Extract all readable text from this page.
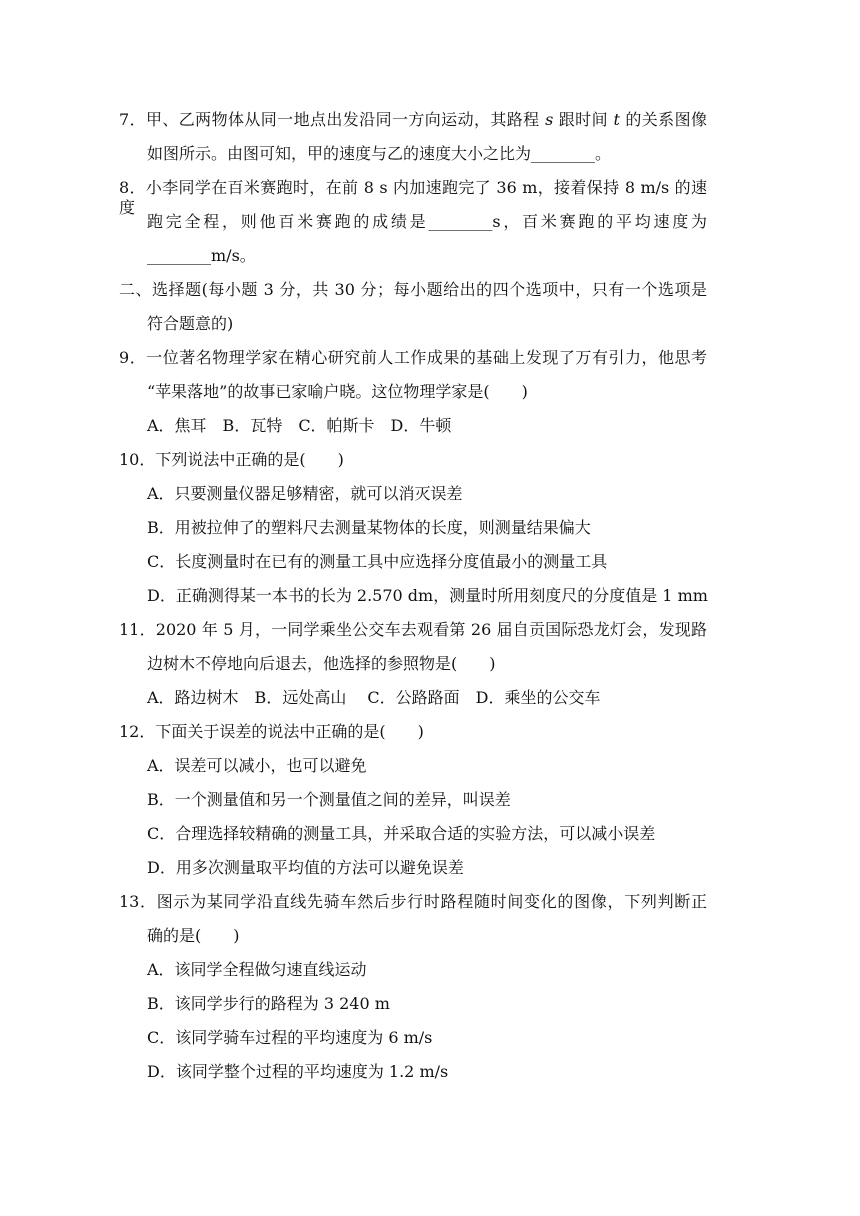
7．甲、乙两物体从同一地点出发沿同一方向运动，其路程 s 跟时间 t 的关系图像
如图所示。由图可知，甲的速度与乙的速度大小之比为________。
8．小李同学在百米赛跑时，在前 8 s 内加速跑完了 36 m，接着保持 8 m/s 的速度
跑完全程，则他百米赛跑的成绩是________s，百米赛跑的平均速度为
________m/s。
二、选择题(每小题 3 分，共 30 分；每小题给出的四个选项中，只有一个选项是
符合题意的)
9．一位著名物理学家在精心研究前人工作成果的基础上发现了万有引力，他思考
“苹果落地”的故事已家喻户晓。这位物理学家是(　　)
A．焦耳　B．瓦特　C．帕斯卡　D．牛顿
10．下列说法中正确的是(　　)
A．只要测量仪器足够精密，就可以消灭误差
B．用被拉伸了的塑料尺去测量某物体的长度，则测量结果偏大
C．长度测量时在已有的测量工具中应选择分度值最小的测量工具
D．正确测得某一本书的长为 2.570 dm，测量时所用刻度尺的分度值是 1 mm
11．2020 年 5 月，一同学乘坐公交车去观看第 26 届自贡国际恐龙灯会，发现路
边树木不停地向后退去，他选择的参照物是(　　)
A．路边树木　B．远处高山　 C．公路路面　D．乘坐的公交车
12．下面关于误差的说法中正确的是(　　)
A．误差可以减小，也可以避免
B．一个测量值和另一个测量值之间的差异，叫误差
C．合理选择较精确的测量工具，并采取合适的实验方法，可以减小误差
D．用多次测量取平均值的方法可以避免误差
13．图示为某同学沿直线先骑车然后步行时路程随时间变化的图像，下列判断正
确的是(　　)
A．该同学全程做匀速直线运动
B．该同学步行的路程为 3 240 m
C．该同学骑车过程的平均速度为 6 m/s
D．该同学整个过程的平均速度为 1.2 m/s
